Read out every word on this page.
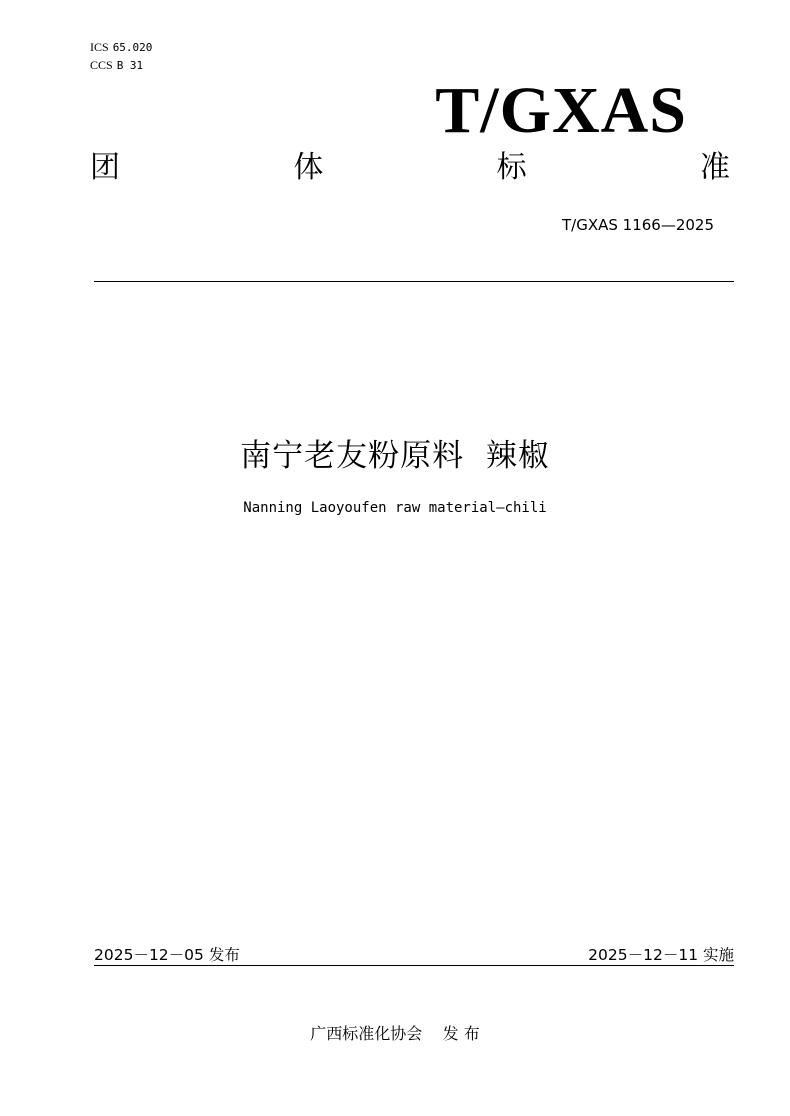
ICS 65.020
CCS B 31
T/GXAS
团	体	标	准
T/GXAS 1166—2025
南宁老友粉原料  辣椒
Nanning Laoyoufen raw material—chili
2025－12－05 发布	2025－12－11 实施
广西标准化协会    发 布
